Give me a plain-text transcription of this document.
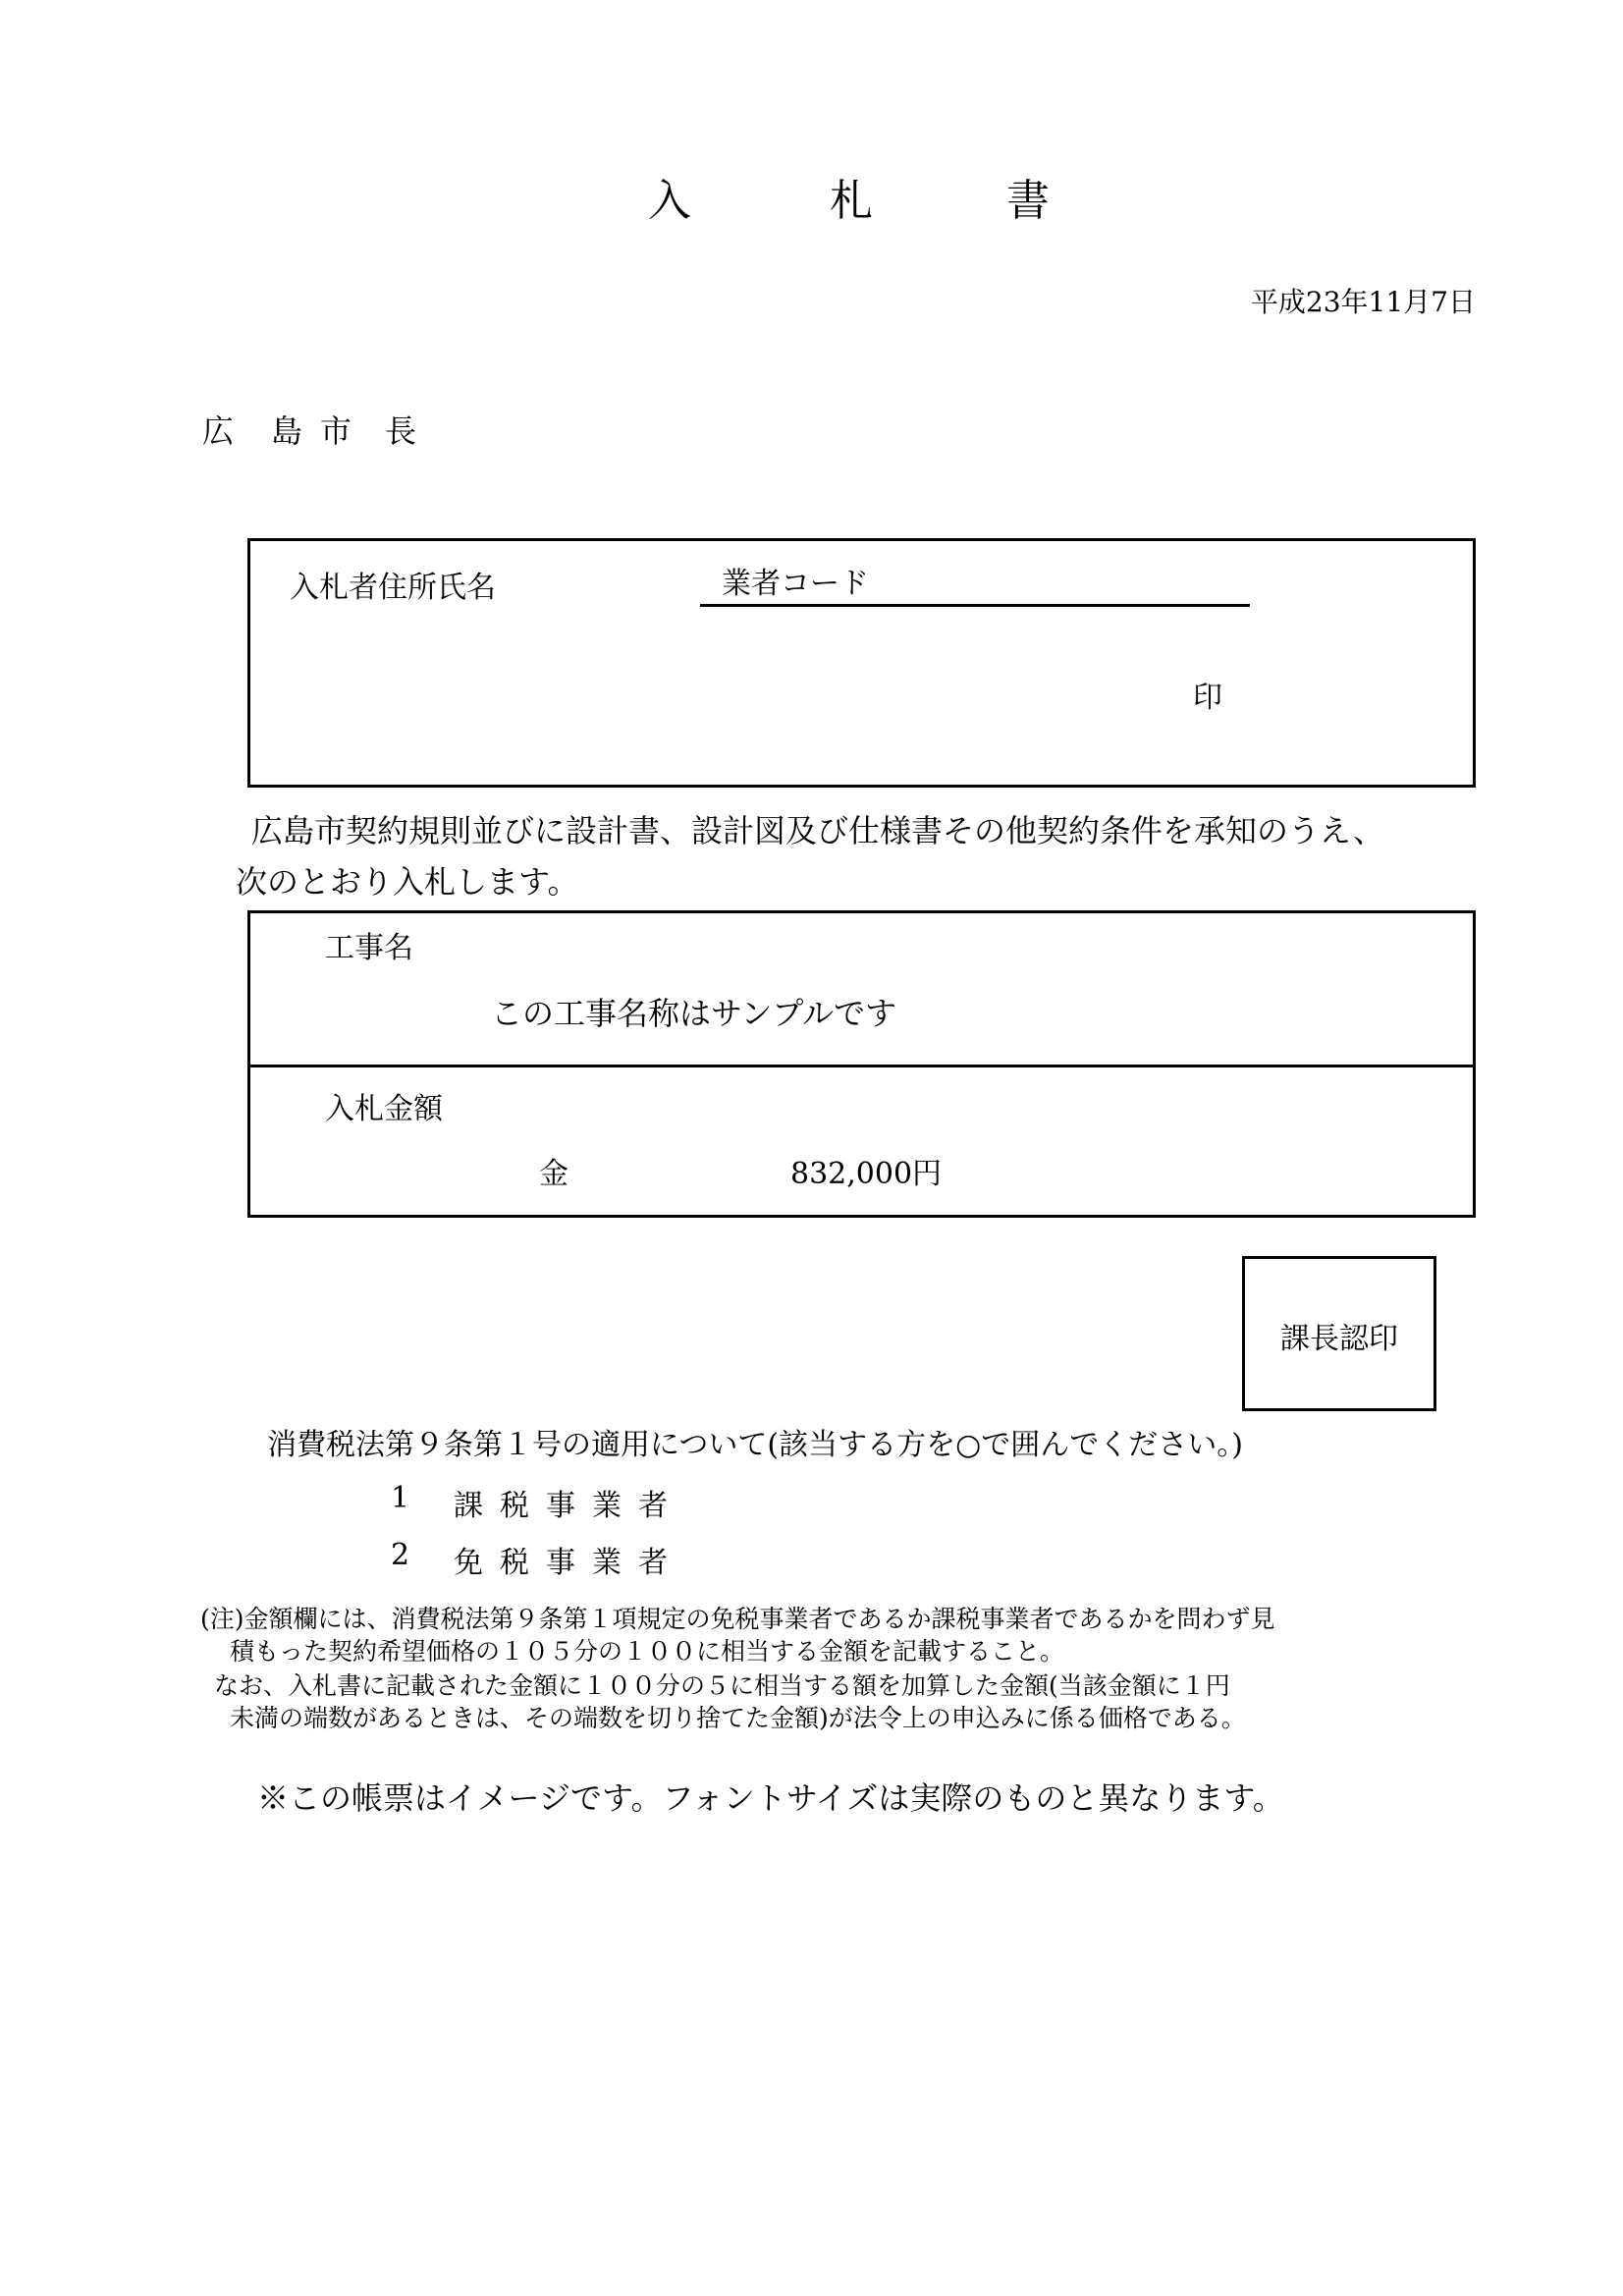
入	札	書
平成23年11月7日
広 島 市 長
入札者住所氏名	業者コード
印
広島市契約規則並びに設計書、設計図及び仕様書その他契約条件を承知のうえ、
次のとおり入札します。
工事名
この工事名称はサンプルです
入札金額
金	832,000円
課長認印
消費税法第９条第１号の適用について(該当する方を○で囲んでください。)
1 課税事業者
2 免税事業者
(注)金額欄には、消費税法第９条第１項規定の免税事業者であるか課税事業者であるかを問わず見
積もった契約希望価格の１０５分の１００に相当する金額を記載すること。
なお、入札書に記載された金額に１００分の５に相当する額を加算した金額(当該金額に１円
未満の端数があるときは、その端数を切り捨てた金額)が法令上の申込みに係る価格である。
※この帳票はイメージです。フォントサイズは実際のものと異なります。
